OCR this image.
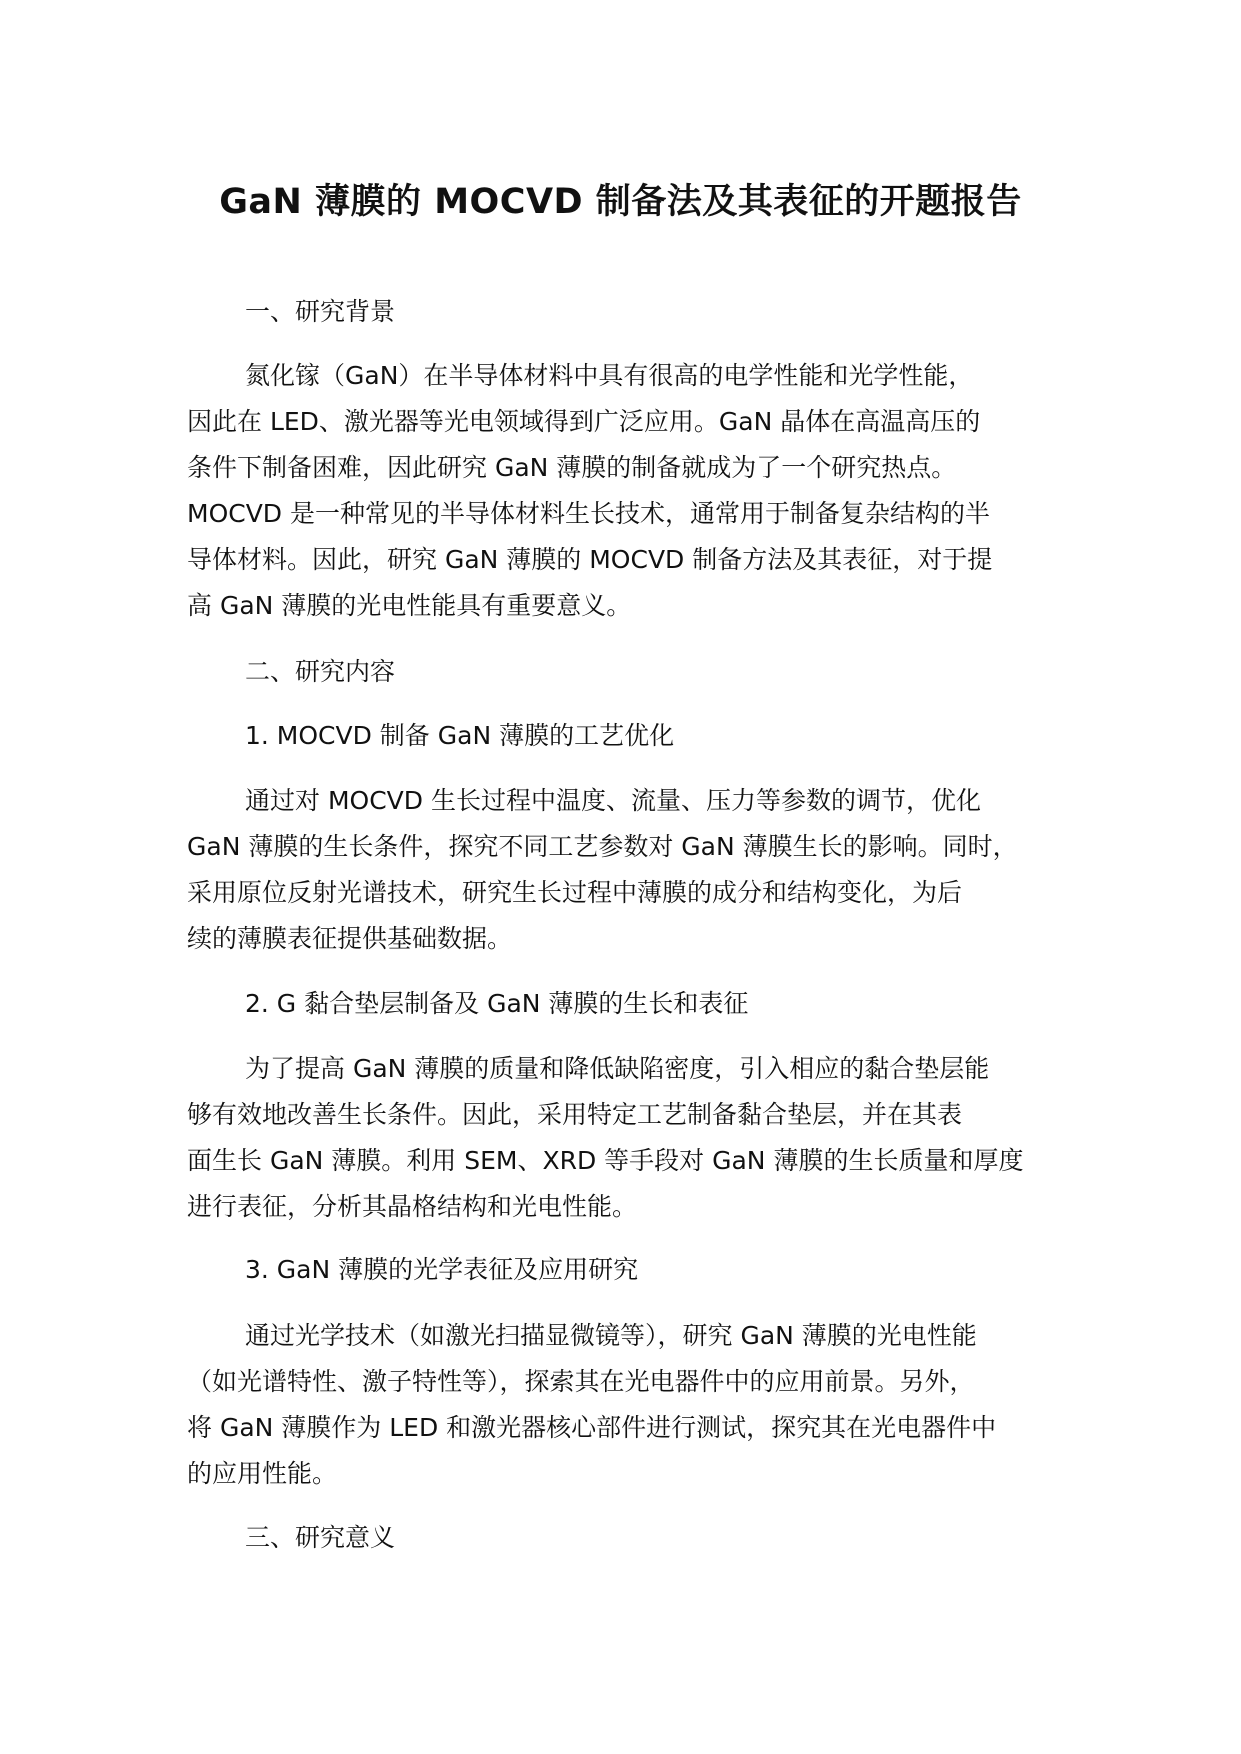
GaN 薄膜的 MOCVD 制备法及其表征的开题报告
一、研究背景
氮化镓（GaN）在半导体材料中具有很高的电学性能和光学性能，
因此在 LED、激光器等光电领域得到广泛应用。GaN 晶体在高温高压的
条件下制备困难，因此研究 GaN 薄膜的制备就成为了一个研究热点。
MOCVD 是一种常见的半导体材料生长技术，通常用于制备复杂结构的半
导体材料。因此，研究 GaN 薄膜的 MOCVD 制备方法及其表征，对于提
高 GaN 薄膜的光电性能具有重要意义。
二、研究内容
1. MOCVD 制备 GaN 薄膜的工艺优化
通过对 MOCVD 生长过程中温度、流量、压力等参数的调节，优化
GaN 薄膜的生长条件，探究不同工艺参数对 GaN 薄膜生长的影响。同时，
采用原位反射光谱技术，研究生长过程中薄膜的成分和结构变化，为后
续的薄膜表征提供基础数据。
2. G 黏合垫层制备及 GaN 薄膜的生长和表征
为了提高 GaN 薄膜的质量和降低缺陷密度，引入相应的黏合垫层能
够有效地改善生长条件。因此，采用特定工艺制备黏合垫层，并在其表
面生长 GaN 薄膜。利用 SEM、XRD 等手段对 GaN 薄膜的生长质量和厚度
进行表征，分析其晶格结构和光电性能。
3. GaN 薄膜的光学表征及应用研究
通过光学技术（如激光扫描显微镜等），研究 GaN 薄膜的光电性能
（如光谱特性、激子特性等），探索其在光电器件中的应用前景。另外，
将 GaN 薄膜作为 LED 和激光器核心部件进行测试，探究其在光电器件中
的应用性能。
三、研究意义
